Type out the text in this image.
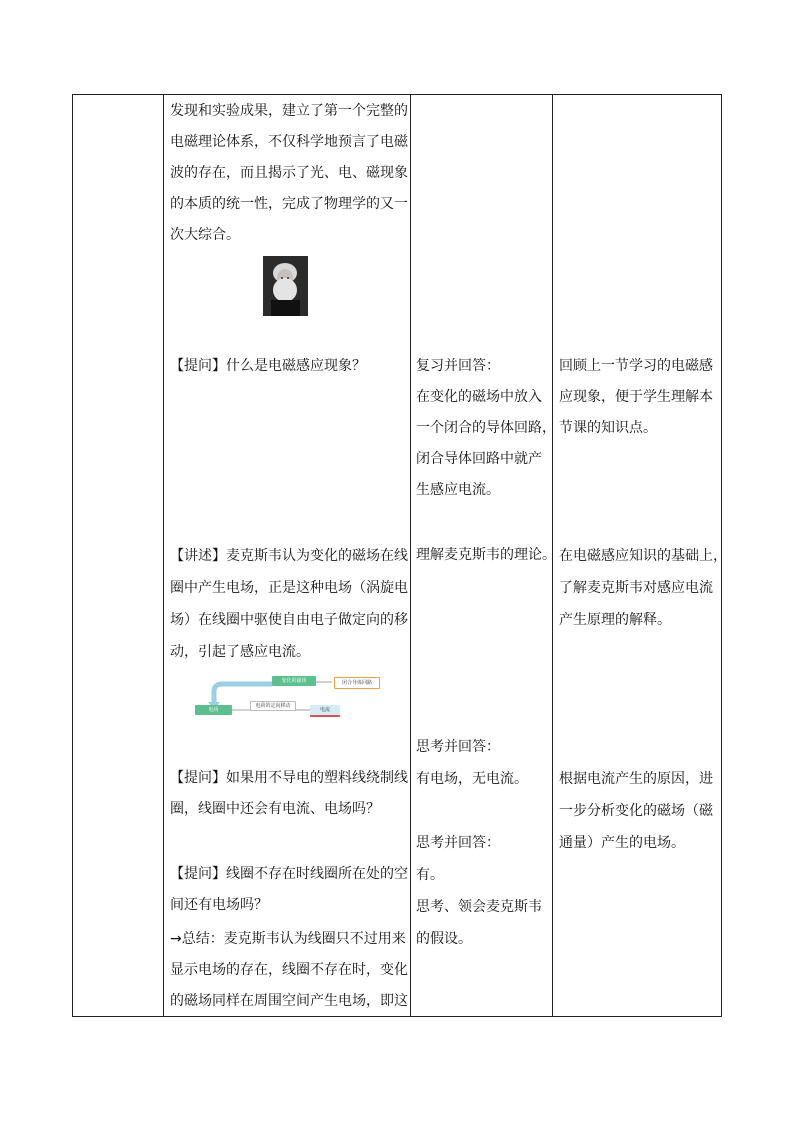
发现和实验成果，建立了第一个完整的
电磁理论体系，不仅科学地预言了电磁
波的存在，而且揭示了光、电、磁现象
的本质的统一性，完成了物理学的又一
次大综合。
【提问】什么是电磁感应现象？
【讲述】麦克斯韦认为变化的磁场在线
圈中产生电场，正是这种电场（涡旋电
场）在线圈中驱使自由电子做定向的移
动，引起了感应电流。
变化的磁场	闭合导体回路
电场
电荷的定向移动
电流
【提问】如果用不导电的塑料线绕制线
圈，线圈中还会有电流、电场吗？
【提问】线圈不存在时线圈所在处的空
间还有电场吗？
→总结：麦克斯韦认为线圈只不过用来
显示电场的存在，线圈不存在时，变化
的磁场同样在周围空间产生电场，即这
复习并回答：
在变化的磁场中放入
一个闭合的导体回路，
闭合导体回路中就产
生感应电流。
理解麦克斯韦的理论。
思考并回答：
有电场，无电流。
思考并回答：
有。
思考、领会麦克斯韦
的假设。
回顾上一节学习的电磁感
应现象，便于学生理解本
节课的知识点。
在电磁感应知识的基础上，
了解麦克斯韦对感应电流
产生原理的解释。
根据电流产生的原因，进
一步分析变化的磁场（磁
通量）产生的电场。
